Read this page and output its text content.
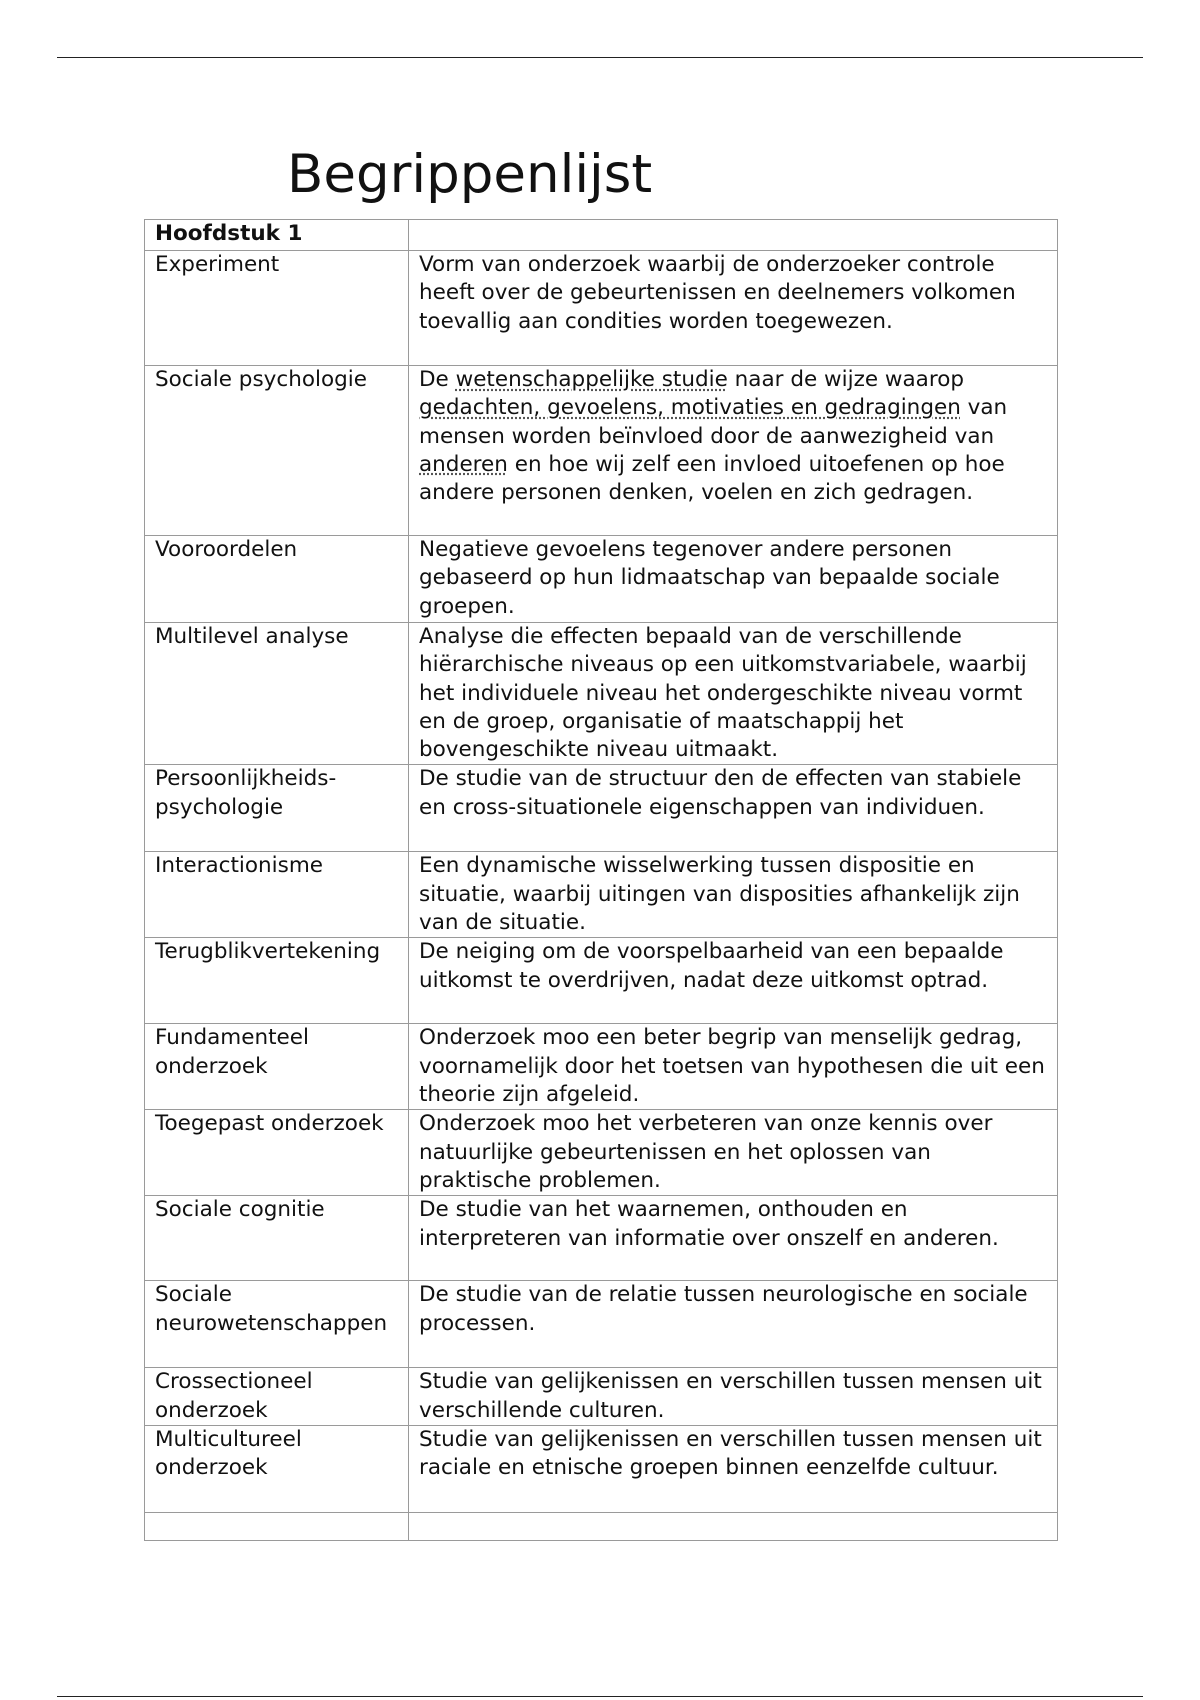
Begrippenlijst
Hoofdstuk 1	
Experiment	Vorm van onderzoek waarbij de onderzoeker controle heeft over de gebeurtenissen en deelnemers volkomen toevallig aan condities worden toegewezen.
Sociale psychologie	De wetenschappelijke studie naar de wijze waarop gedachten, gevoelens, motivaties en gedragingen van mensen worden beïnvloed door de aanwezigheid van anderen en hoe wij zelf een invloed uitoefenen op hoe andere personen denken, voelen en zich gedragen.
Vooroordelen	Negatieve gevoelens tegenover andere personen gebaseerd op hun lidmaatschap van bepaalde sociale groepen.
Multilevel analyse	Analyse die effecten bepaald van de verschillende hiërarchische niveaus op een uitkomstvariabele, waarbij het individuele niveau het ondergeschikte niveau vormt en de groep, organisatie of maatschappij het bovengeschikte niveau uitmaakt.
Persoonlijkheids-psychologie	De studie van de structuur den de effecten van stabiele en cross-situationele eigenschappen van individuen.
Interactionisme	Een dynamische wisselwerking tussen dispositie en situatie, waarbij uitingen van disposities afhankelijk zijn van de situatie.
Terugblikvertekening	De neiging om de voorspelbaarheid van een bepaalde uitkomst te overdrijven, nadat deze uitkomst optrad.
Fundamenteel onderzoek	Onderzoek moo een beter begrip van menselijk gedrag, voornamelijk door het toetsen van hypothesen die uit een theorie zijn afgeleid.
Toegepast onderzoek	Onderzoek moo het verbeteren van onze kennis over natuurlijke gebeurtenissen en het oplossen van praktische problemen.
Sociale cognitie	De studie van het waarnemen, onthouden en interpreteren van informatie over onszelf en anderen.
Sociale neurowetenschappen	De studie van de relatie tussen neurologische en sociale processen.
Crossectioneel onderzoek	Studie van gelijkenissen en verschillen tussen mensen uit verschillende culturen.
Multicultureel onderzoek	Studie van gelijkenissen en verschillen tussen mensen uit raciale en etnische groepen binnen eenzelfde cultuur.
